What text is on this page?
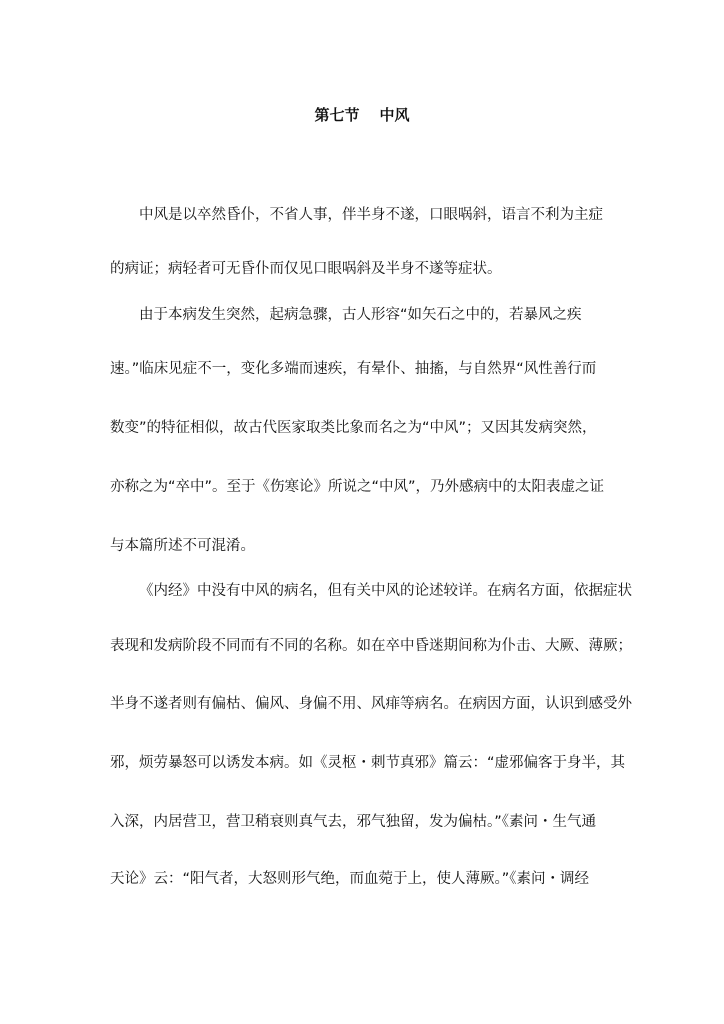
第七节 中风
中风是以卒然昏仆，不省人事，伴半身不遂，口眼㖞斜，语言不利为主症
的病证；病轻者可无昏仆而仅见口眼㖞斜及半身不遂等症状。
由于本病发生突然，起病急骤，古人形容“如矢石之中的，若暴风之疾
速。”临床见症不一，变化多端而速疾，有晕仆、抽搐，与自然界“风性善行而
数变”的特征相似，故古代医家取类比象而名之为“中风”；又因其发病突然，
亦称之为“卒中”。至于《伤寒论》所说之“中风”，乃外感病中的太阳表虚之证
与本篇所述不可混淆。
《内经》中没有中风的病名，但有关中风的论述较详。在病名方面，依据症状
表现和发病阶段不同而有不同的名称。如在卒中昏迷期间称为仆击、大厥、薄厥；
半身不遂者则有偏枯、偏风、身偏不用、风痱等病名。在病因方面，认识到感受外
邪，烦劳暴怒可以诱发本病。如《灵枢・刺节真邪》篇云：“虚邪偏客于身半，其
入深，内居营卫，营卫稍衰则真气去，邪气独留，发为偏枯。”《素问・生气通
天论》云：“阳气者，大怒则形气绝，而血菀于上，使人薄厥。”《素问・调经
